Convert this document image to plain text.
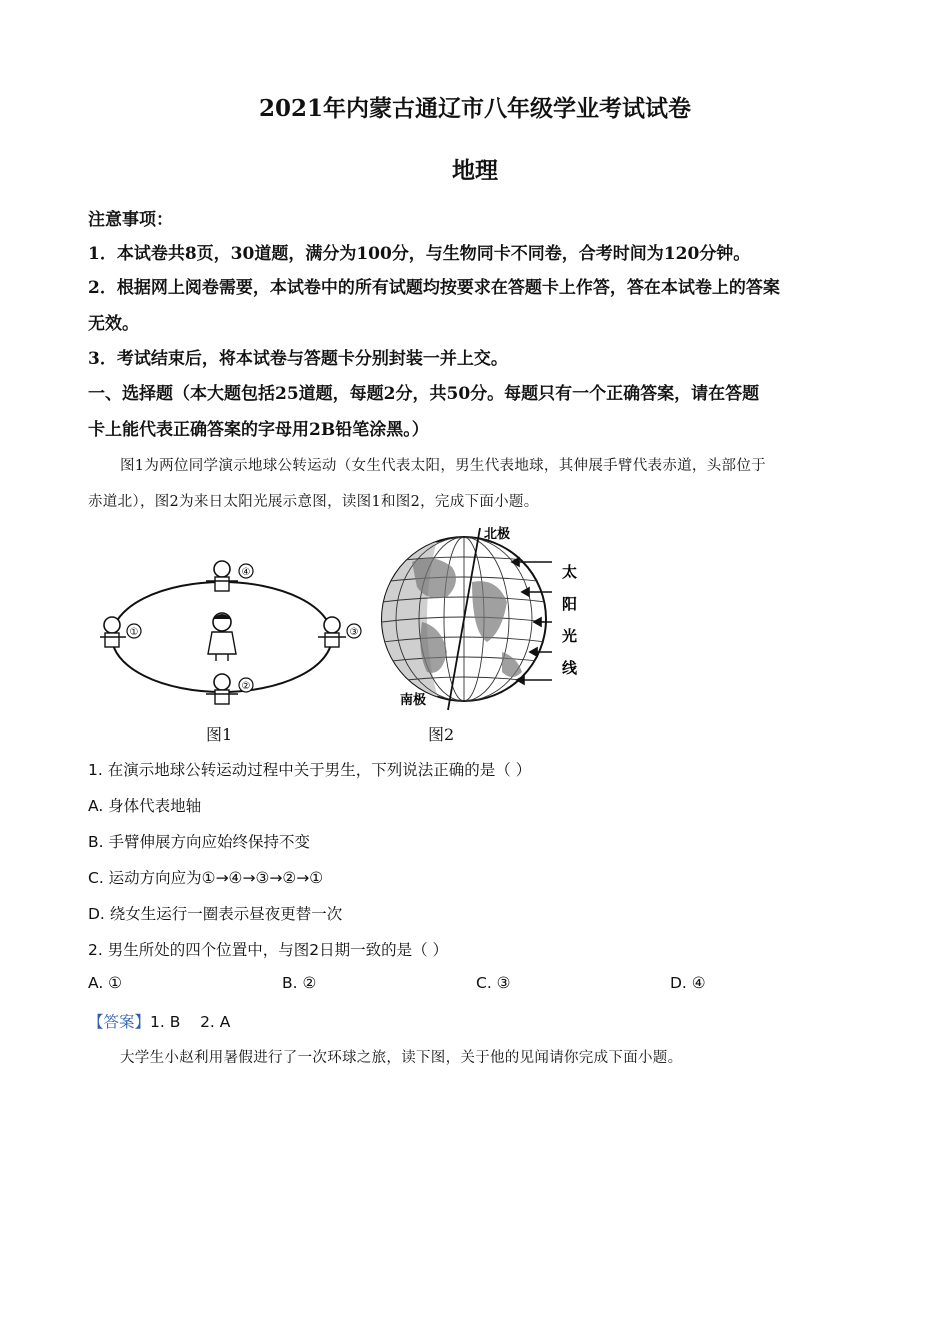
2021年内蒙古通辽市八年级学业考试试卷
地理
注意事项：
1．本试卷共8页，30道题，满分为100分，与生物同卡不同卷，合考时间为120分钟。
2．根据网上阅卷需要，本试卷中的所有试题均按要求在答题卡上作答，答在本试卷上的答案
无效。
3．考试结束后，将本试卷与答题卡分别封装一并上交。
一、选择题（本大题包括25道题，每题2分，共50分。每题只有一个正确答案，请在答题
卡上能代表正确答案的字母用2B铅笔涂黑。）
图1为两位同学演示地球公转运动（女生代表太阳，男生代表地球，其伸展手臂代表赤道，头部位于
赤道北），图2为来日太阳光展示意图，读图1和图2，完成下面小题。
④
②
①	③
图1
北极
南极
太
阳
光
线
图2
1. 在演示地球公转运动过程中关于男生，下列说法正确的是（ ）
A. 身体代表地轴
B. 手臂伸展方向应始终保持不变
C. 运动方向应为①→④→③→②→①
D. 绕女生运行一圈表示昼夜更替一次
2. 男生所处的四个位置中，与图2日期一致的是（ ）
A. ①	B. ②	C. ③	D. ④
【答案】1. B    2. A
大学生小赵利用暑假进行了一次环球之旅，读下图，关于他的见闻请你完成下面小题。
